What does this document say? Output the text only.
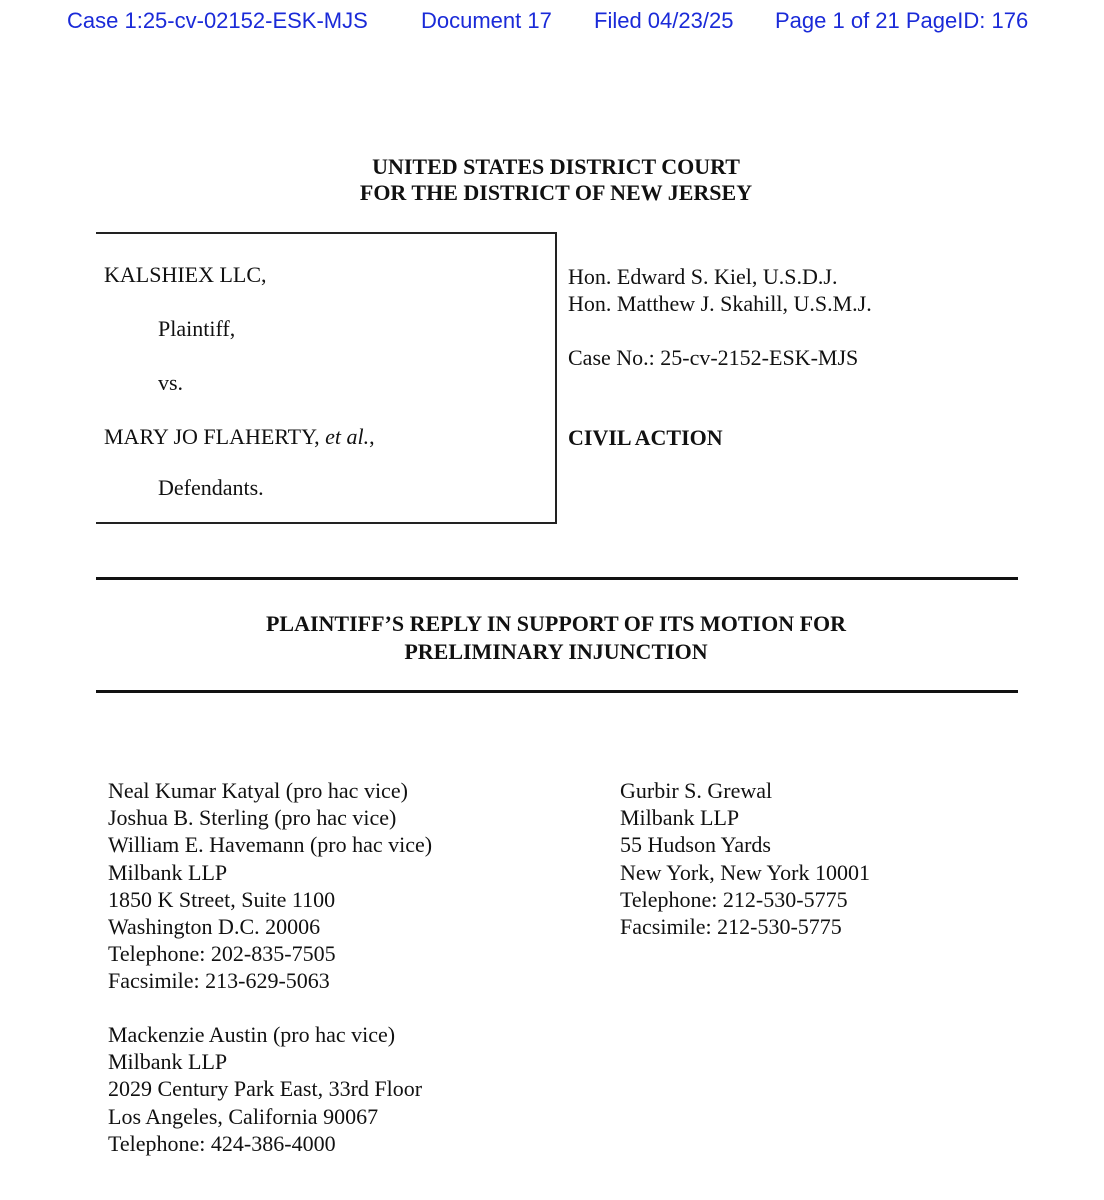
Case 1:25-cv-02152-ESK-MJS Document 17 Filed 04/23/25 Page 1 of 21 PageID: 176
UNITED STATES DISTRICT COURT
FOR THE DISTRICT OF NEW JERSEY
KALSHIEX LLC,
Plaintiff,
vs.
MARY JO FLAHERTY, et al.,
Defendants.
Hon. Edward S. Kiel, U.S.D.J.
Hon. Matthew J. Skahill, U.S.M.J.
Case No.: 25-cv-2152-ESK-MJS
CIVIL ACTION
PLAINTIFF’S REPLY IN SUPPORT OF ITS MOTION FOR
PRELIMINARY INJUNCTION
Neal Kumar Katyal (pro hac vice)
Joshua B. Sterling (pro hac vice)
William E. Havemann (pro hac vice)
Milbank LLP
1850 K Street, Suite 1100
Washington D.C. 20006
Telephone: 202-835-7505
Facsimile: 213-629-5063
Mackenzie Austin (pro hac vice)
Milbank LLP
2029 Century Park East, 33rd Floor
Los Angeles, California 90067
Telephone: 424-386-4000
Gurbir S. Grewal
Milbank LLP
55 Hudson Yards
New York, New York 10001
Telephone: 212-530-5775
Facsimile: 212-530-5775
